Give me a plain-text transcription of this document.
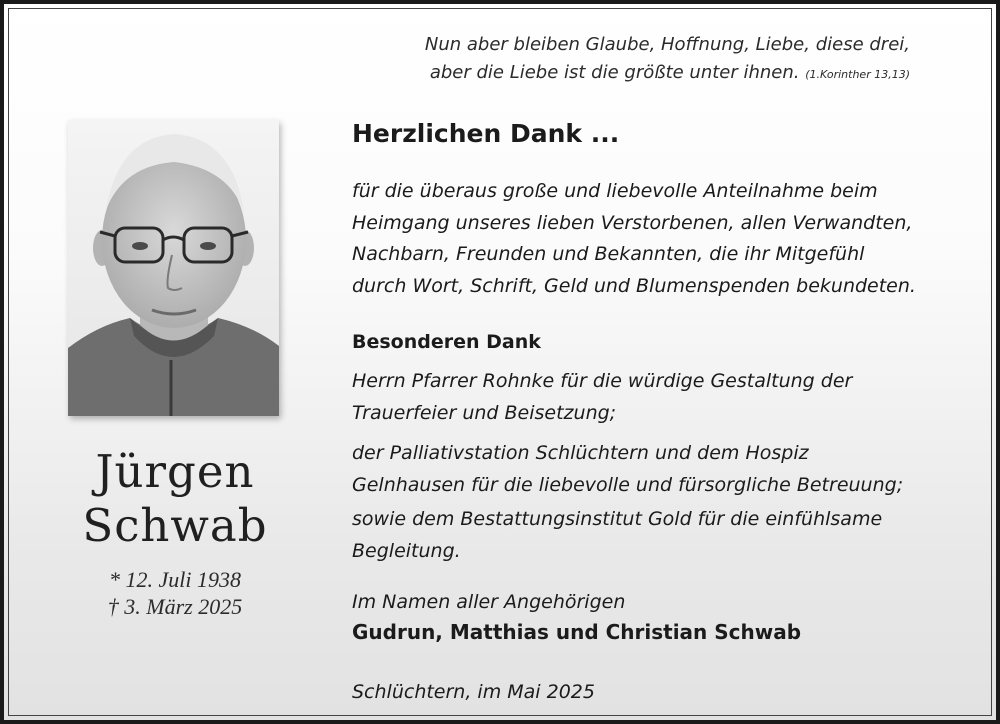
Nun aber bleiben Glaube, Hoffnung, Liebe, diese drei,
aber die Liebe ist die größte unter ihnen. (1.Korinther 13,13)
Jürgen
Schwab
* 12. Juli 1938
† 3. März 2025
Herzlichen Dank ...
für die überaus große und liebevolle Anteilnahme beim
Heimgang unseres lieben Verstorbenen, allen Verwandten,
Nachbarn, Freunden und Bekannten, die ihr Mitgefühl
durch Wort, Schrift, Geld und Blumenspenden bekundeten.
Besonderen Dank
Herrn Pfarrer Rohnke für die würdige Gestaltung der
Trauerfeier und Beisetzung;
der Palliativstation Schlüchtern und dem Hospiz
Gelnhausen für die liebevolle und fürsorgliche Betreuung;
sowie dem Bestattungsinstitut Gold für die einfühlsame
Begleitung.
Im Namen aller Angehörigen
Gudrun, Matthias und Christian Schwab
Schlüchtern, im Mai 2025
